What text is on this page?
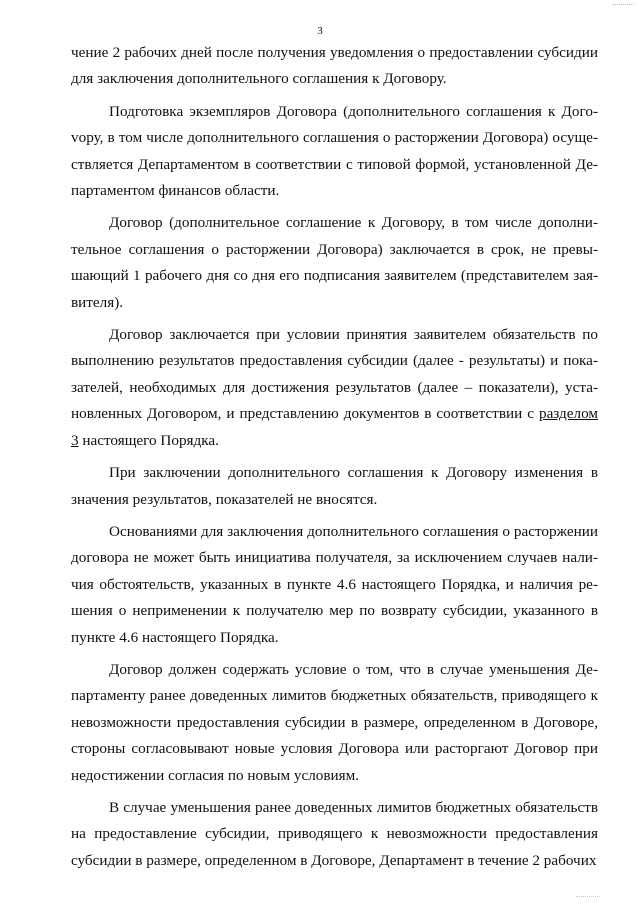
3

чение 2 рабочих дней после получения уведомления о предоставлении субсидии для заключения дополнительного соглашения к Договору.

Подготовка экземпляров Договора (дополнительного соглашения к Догоvору, в том числе дополнительного соглашения о расторжении Договора) осуществляется Департаментом в соответствии с типовой формой, установленной Департаментом финансов области.

Договор (дополнительное соглашение к Договору, в том числе дополнительное соглашения о расторжении Договора) заключается в срок, не превышающий 1 рабочего дня со дня его подписания заявителем (представителем заявителя).

Договор заключается при условии принятия заявителем обязательств по выполнению результатов предоставления субсидии (далее - результаты) и показателей, необходимых для достижения результатов (далее – показатели), установленных Договором, и представлению документов в соответствии с разделом 3 настоящего Порядка.

При заключении дополнительного соглашения к Договору изменения в значения результатов, показателей не вносятся.

Основаниями для заключения дополнительного соглашения о расторжении договора не может быть инициатива получателя, за исключением случаев наличия обстоятельств, указанных в пункте 4.6 настоящего Порядка, и наличия решения о неприменении к получателю мер по возврату субсидии, указанного в пункте 4.6 настоящего Порядка.

Договор должен содержать условие о том, что в случае уменьшения Департаменту ранее доведенных лимитов бюджетных обязательств, приводящего к невозможности предоставления субсидии в размере, определенном в Договоре, стороны согласовывают новые условия Договора или расторгают Договор при недостижении согласия по новым условиям.

В случае уменьшения ранее доведенных лимитов бюджетных обязательств на предоставление субсидии, приводящего к невозможности предоставления субсидии в размере, определенном в Договоре, Департамент в течение 2 рабочих
